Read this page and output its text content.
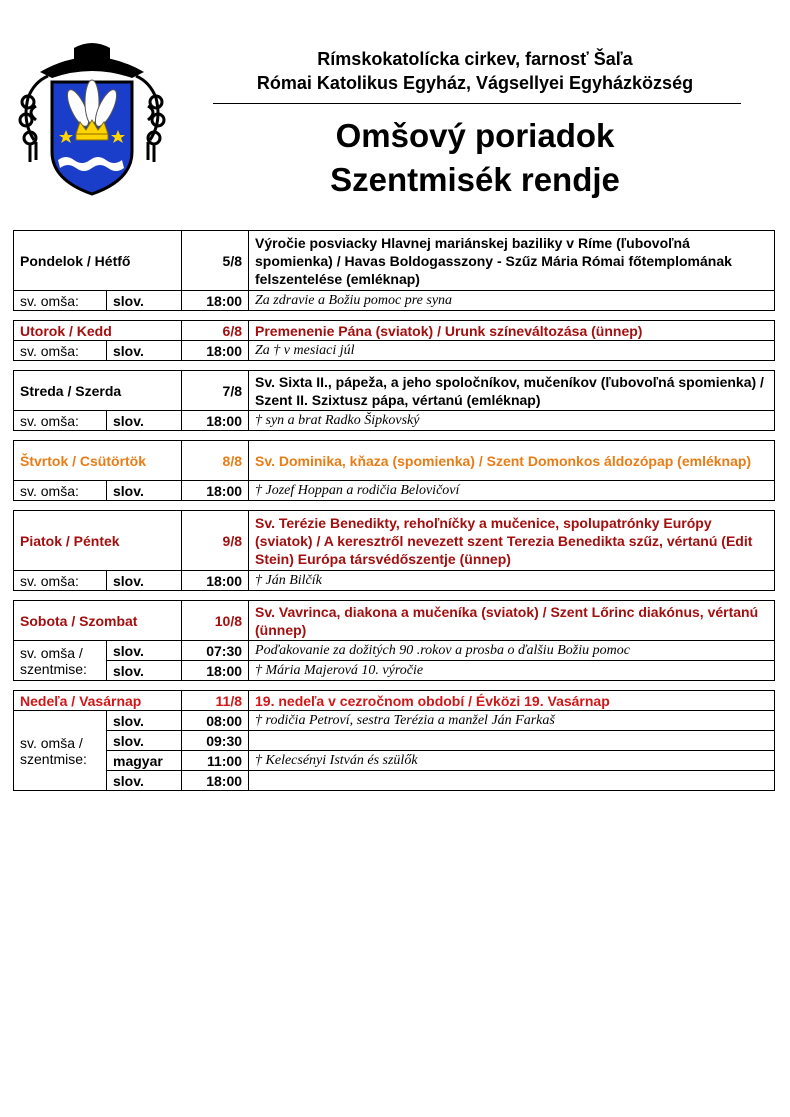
Rímskokatolícka cirkev, farnosť Šaľa
Római Katolikus Egyház, Vágsellyei Egyházközség
Omšový poriadok
Szentmisék rendje
Pondelok / Hétfő		5/8	Výročie posviacky Hlavnej mariánskej baziliky v Ríme (ľubovoľná spomienka) / Havas Boldogasszony - Szűz Mária Római főtemplomának felszentelése (emléknap)
sv. omša:	slov.	18:00	Za zdravie a Božiu pomoc pre syna
Utorok / Kedd		6/8	Premenenie Pána (sviatok) / Urunk színeváltozása (ünnep)
sv. omša:	slov.	18:00	Za † v mesiaci júl
Streda / Szerda		7/8	Sv. Sixta II., pápeža, a jeho spoločníkov, mučeníkov (ľubovoľná spomienka) / Szent II. Szixtusz pápa, vértanú (emléknap)
sv. omša:	slov.	18:00	† syn a brat Radko Šipkovský
Štvrtok / Csütörtök		8/8	Sv. Dominika, kňaza (spomienka) / Szent Domonkos áldozópap (emléknap)
sv. omša:	slov.	18:00	† Jozef Hoppan a rodičia Belovičoví
Piatok / Péntek		9/8	Sv. Terézie Benedikty, rehoľníčky a mučenice, spolupatrónky Európy (sviatok) / A keresztről nevezett szent Terezia Benedikta szűz, vértanú (Edit Stein) Európa társvédőszentje (ünnep)
sv. omša:	slov.	18:00	† Ján Bilčík
Sobota / Szombat		10/8	Sv. Vavrinca, diakona a mučeníka (sviatok) / Szent Lőrinc diakónus, vértanú (ünnep)
sv. omša / szentmise:	slov.	07:30	Poďakovanie za dožitých 90 .rokov a prosba o ďalšiu Božiu pomoc
	slov.	18:00	† Mária Majerová 10. výročie
Nedeľa / Vasárnap		11/8	19. nedeľa v cezročnom období / Évközi 19. Vasárnap
sv. omša / szentmise:	slov.	08:00	† rodičia Petroví, sestra Terézia a manžel Ján Farkaš
	slov.	09:30	
	magyar	11:00	† Kelecsényi István és szülők
	slov.	18:00	
